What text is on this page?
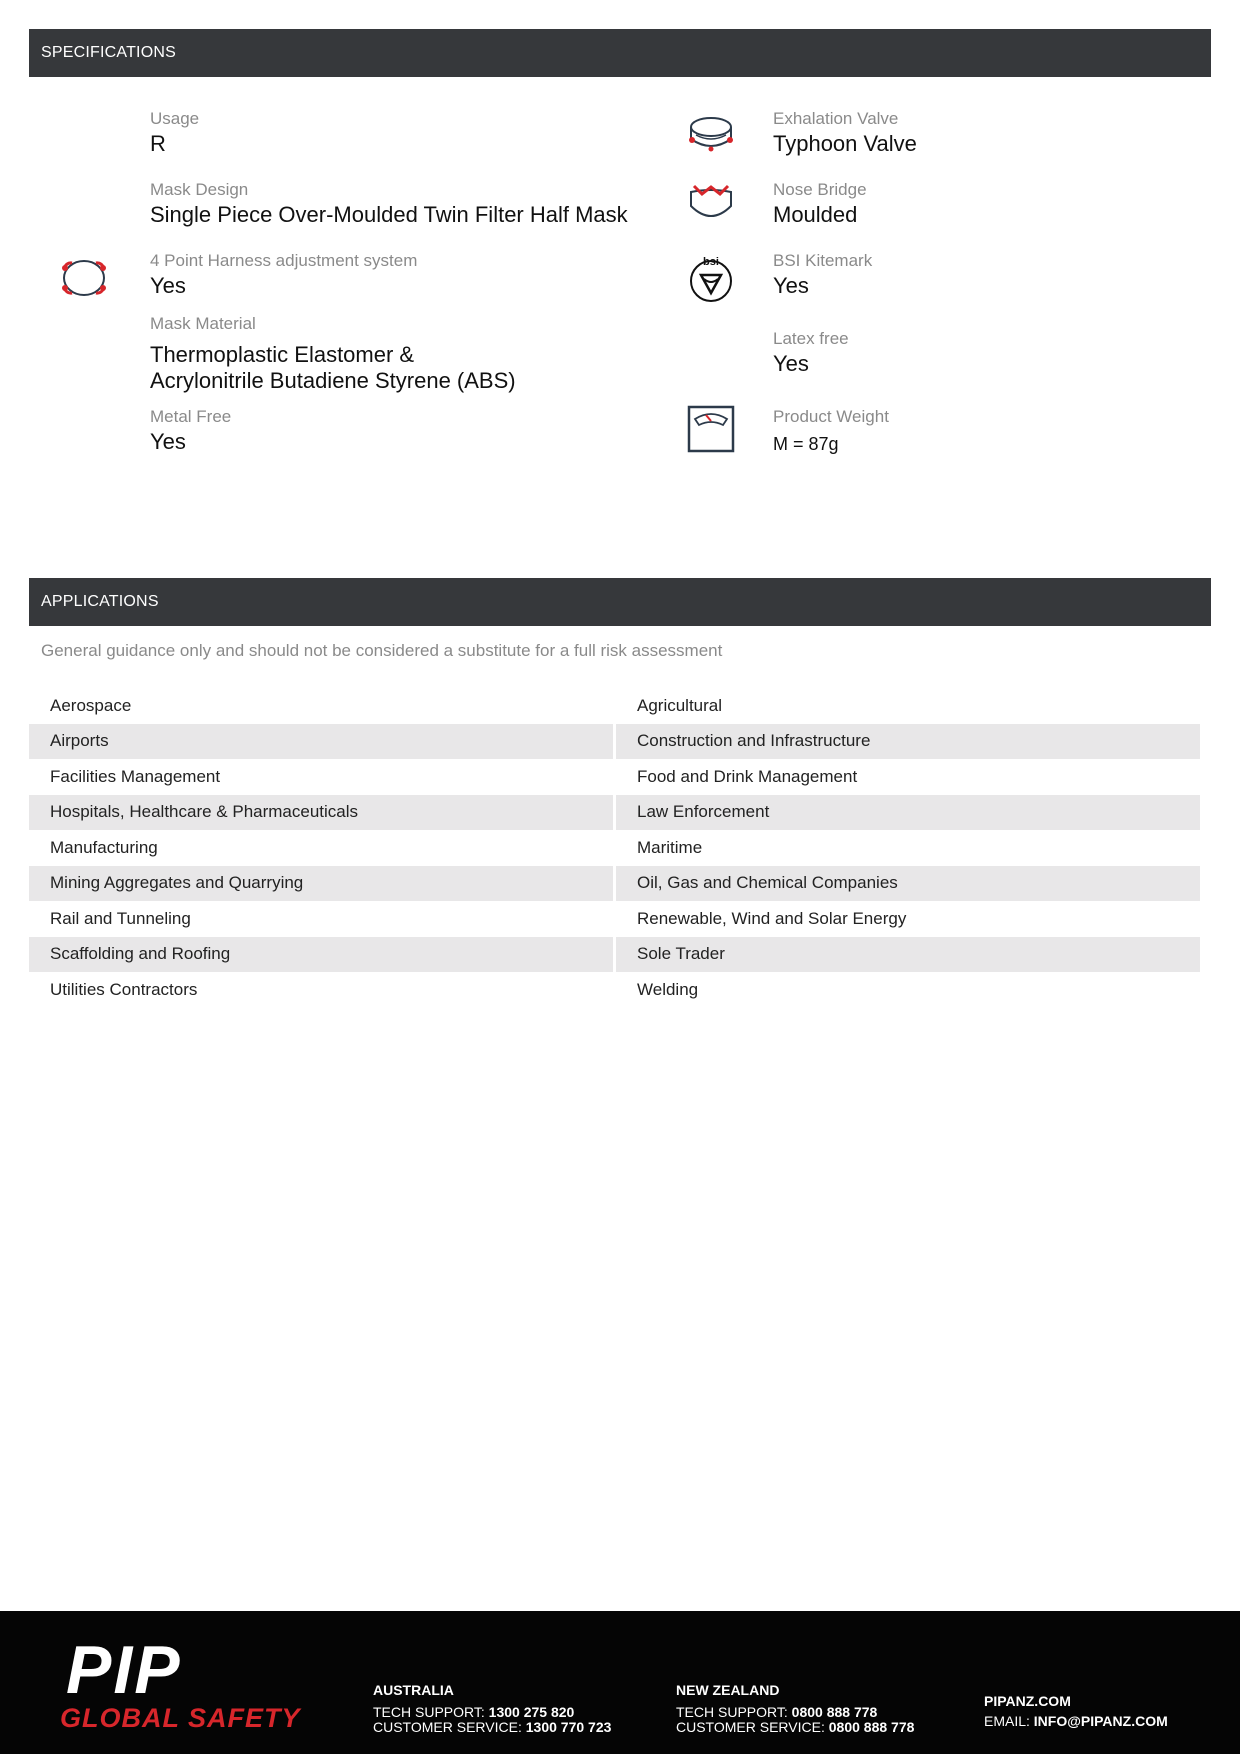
SPECIFICATIONS
Usage
R
Mask Design
Single Piece Over-Moulded Twin Filter Half Mask
4 Point Harness adjustment system
Yes
Mask Material
Thermoplastic Elastomer &
Acrylonitrile Butadiene Styrene (ABS)
Metal Free
Yes
Exhalation Valve
Typhoon Valve
Nose Bridge
Moulded
BSI Kitemark
Yes
Latex free
Yes
Product Weight
M = 87g
bsi
APPLICATIONS
General guidance only and should not be considered a substitute for a full risk assessment
Aerospace	Agricultural
Airports	Construction and Infrastructure
Facilities Management	Food and Drink Management
Hospitals, Healthcare & Pharmaceuticals	Law Enforcement
Manufacturing	Maritime
Mining Aggregates and Quarrying	Oil, Gas and Chemical Companies
Rail and Tunneling	Renewable, Wind and Solar Energy
Scaffolding and Roofing	Sole Trader
Utilities Contractors	Welding
PIP
GLOBAL SAFETY
AUSTRALIA
TECH SUPPORT: 1300 275 820
CUSTOMER SERVICE: 1300 770 723
NEW ZEALAND
TECH SUPPORT: 0800 888 778
CUSTOMER SERVICE: 0800 888 778
PIPANZ.COM
EMAIL: INFO@PIPANZ.COM
